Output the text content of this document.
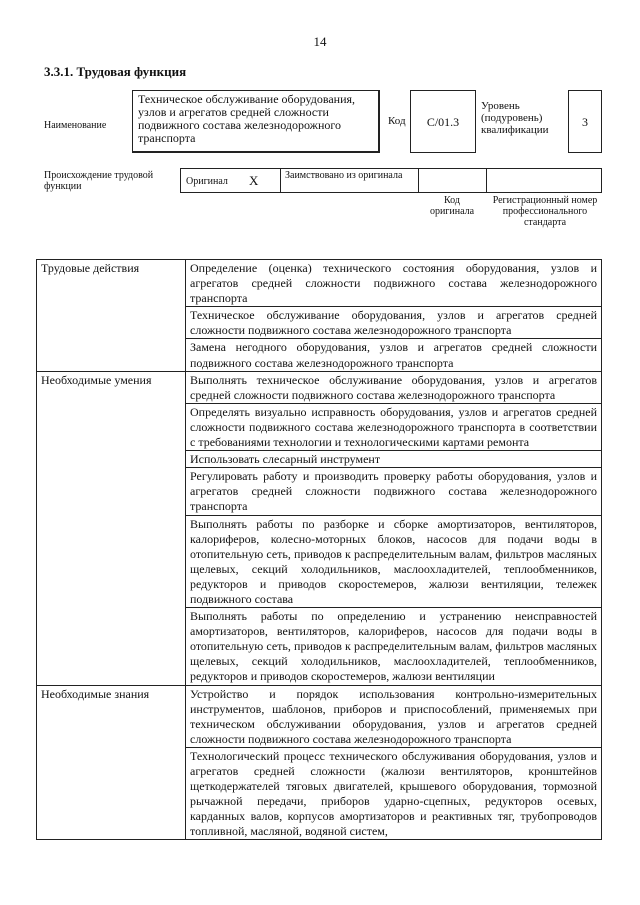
14
3.3.1. Трудовая функция
Наименование
Техническое обслуживание оборудования, узлов и агрегатов средней сложности подвижного состава железнодорожного транспорта
Код	C/01.3
Уровень (подуровень) квалификации
3
Происхождение трудовой функции	Оригинал X	Заимствовано из оригинала
Код оригинала
Регистрационный номер профессионального стандарта
Трудовые действия	Определение (оценка) технического состояния оборудования, узлов и агрегатов средней сложности подвижного состава железнодорожного транспорта
	Техническое обслуживание оборудования, узлов и агрегатов средней сложности подвижного состава железнодорожного транспорта
	Замена негодного оборудования, узлов и агрегатов средней сложности подвижного состава железнодорожного транспорта
Необходимые умения	Выполнять техническое обслуживание оборудования, узлов и агрегатов средней сложности подвижного состава железнодорожного транспорта
	Определять визуально исправность оборудования, узлов и агрегатов средней сложности подвижного состава железнодорожного транспорта в соответствии с требованиями технологии и технологическими картами ремонта
	Использовать слесарный инструмент
	Регулировать работу и производить проверку работы оборудования, узлов и агрегатов средней сложности подвижного состава железнодорожного транспорта
	Выполнять работы по разборке и сборке амортизаторов, вентиляторов, калориферов, колесно-моторных блоков, насосов для подачи воды в отопительную сеть, приводов к распределительным валам, фильтров масляных щелевых, секций холодильников, маслоохладителей, теплообменников, редукторов и приводов скоростемеров, жалюзи вентиляции, тележек подвижного состава
	Выполнять работы по определению и устранению неисправностей амортизаторов, вентиляторов, калориферов, насосов для подачи воды в отопительную сеть, приводов к распределительным валам, фильтров масляных щелевых, секций холодильников, маслоохладителей, теплообменников, редукторов и приводов скоростемеров, жалюзи вентиляции
Необходимые знания	Устройство и порядок использования контрольно-измерительных инструментов, шаблонов, приборов и приспособлений, применяемых при техническом обслуживании оборудования, узлов и агрегатов средней сложности подвижного состава железнодорожного транспорта
	Технологический процесс технического обслуживания оборудования, узлов и агрегатов средней сложности (жалюзи вентиляторов, кронштейнов щеткодержателей тяговых двигателей, крышевого оборудования, тормозной рычажной передачи, приборов ударно-сцепных, редукторов осевых, карданных валов, корпусов амортизаторов и реактивных тяг, трубопроводов топливной, масляной, водяной систем,
